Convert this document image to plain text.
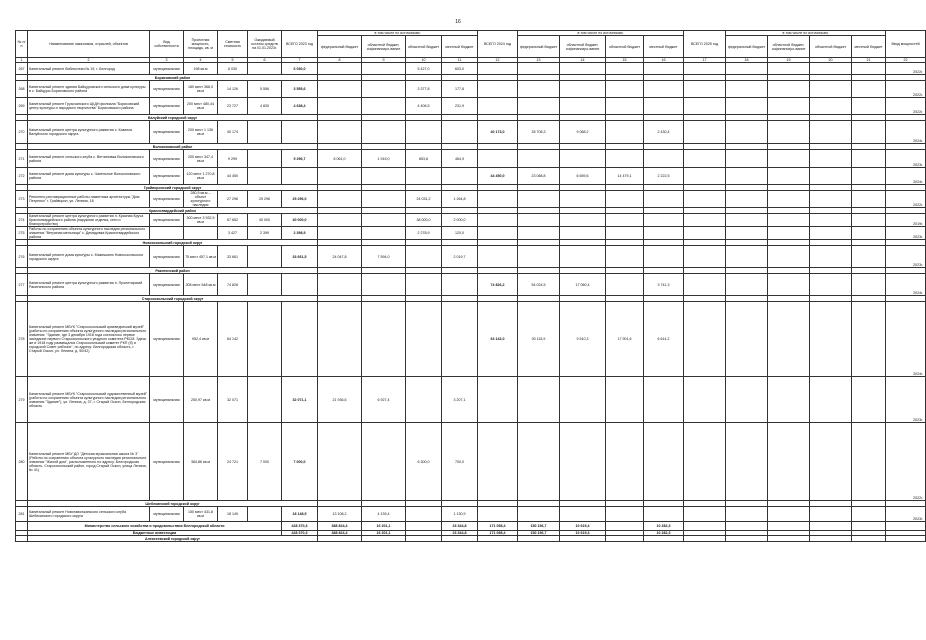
16
№ п/п	Наименование заказчиков, отраслей, объектов	Вид собственности	Проектная мощность, площадь, кв. м	Сметная стоимость	Ожидаемый остаток средств на 01.01.2023г.	ВСЕГО 2023 год	в том числе по источникам:				ВСЕГО 2024 год	в том числе по источникам:				ВСЕГО 2025 год	в том числе по источникам:				Ввод мощностей
							федеральный бюджет	областной бюджет, софинансиро-вание	областной бюджет	местный бюджет		федеральный бюджет	областной бюджет, софинансиро-вание	областной бюджет	местный бюджет		федеральный бюджет	областной бюджет, софинансиро-вание	областной бюджет	местный бюджет	
1	2	3	4	5	6	7	8	9	10	11	12	13	14	15	16	17	18	19	20	21	22
267	Капитальный ремонт библиотеки № 19, г. Белгород	муниципальная	198 кв.м	6 030		6 030,0			5 427,0	603,0											2022г.
	Борисовский район																				
268	Капитальный ремонт здания Байцуровского сельского дома культуры в с. Байцуры Борисовского района	муниципальная	180 мест 366,0 кв.м	14 126	5 556	3 555,6			3 377,8	177,8											2022г.
269	Капитальный ремонт Грузсчанского ЦКДН филиала "Борисовский центр культуры и народного творчества" Борисовского района	муниципальная	200 мест 480,44 кв.м	23 727	4 830	4 638,4			4 406,5	231,9											2022г.
	Валуйский городской округ																				
270	Капитальный ремонт центра культурного развития с. Казинка Валуйского городского округа	муниципальная	200 мест 1 136 кв.м	40 174							40 173,0	28 708,3	9 068,2		2 430,4						2024г.
	Волоконовский район																				
271	Капитальный ремонт сельского клуба с. Ветчиновка Волоконовского района	муниципальная	200 мест 347,4 кв.м	9 299		9 296,7	6 061,0	1 915,0	853,8	464,9											2023г.
272	Капитальный ремонт дома культуры с. Чапельное Волоконовского района	муниципальная	120 мест 1 270,8 кв.м	44 450							44 450,0	23 088,8	6 659,6	14 479,1	2 222,5						2024г.
	Грайворонский городской округ																				
273	Ремонтно-реставрационные работы памятника архитектуры "Дом Петренко" г. Грайворон, ул. Ленина, 18	муниципальная	280,9 кв.м – объект культурного наследия	27 296	25 296	25 296,0			24 031,2	1 264,8											2022г.
	Красногвардейский район																				
274	Капитальный ремонт центра культурного развития п. Красная Круча Красногвардейского района (наружная отделка, сети и благоустройство)	муниципальная	300 мест 3 932,9 кв.м	67 652	40 000	40 000,0			38 000,0	2 000,0											2019г.
275	Работы по сохранению объекта культурного наследия регионального значения "Ветряная мельница" с. Демидовка Красногвардейского района			3 427	2 399	2 398,9			2 278,9	120,0											2023г.
	Новооскольский городской округ																				
276	Капитальный ремонт дома культуры с. Макешкино Новооскольского городского округа	муниципальная	75 мест 457,1 кв.м	33 661		33 661,5	24 047,8	7 594,0		2 019,7											2023г.
	Ракитянский район																				
277	Капитальный ремонт центра культурного развития п. Пролетарский Ракитянского района	муниципальная	208 мест 648 кв.м	74 826							74 826,2	54 024,5	17 060,4		3 741,3						2024г.
	Старооскольский городской округ																				
278	Капитальный ремонт МБУК "Старооскольский краеведческий музей" (работы по сохранению объекта культурного наследия регионального значения: "Здание, где 3 декабря 1918 года состоялось первое заседание первого Старооскольского уездного комитета РКСМ. Здесь же в 1918 году размещался Старооскольский комитет РКП (б) и городской Совет рабочих", по адресу: Белгородская область, г. Старый Оскол, ул. Ленина, д. 50/42)	муниципальная	952,4 кв.м	64 142							64 142,0	30 115,9	9 510,3	17 901,6	6 614,2						2024г.
279	Капитальный ремонт МБУК "Старооскольский художественный музей" (работы по сохранению объекта культурного наследия регионального значения "Здание"), ул. Ленина, д. 37, г. Старый Оскол, Белгородская область	муниципальная	250,97 кв.м	32 071		32 071,1	21 936,6	6 927,4		3 207,1											2023г.
280	Капитальный ремонт МБУ ДО "Детская музыкальная школа № 3" (Работы по сохранению объекта культурного наследия регионального значения "Жилой дом", расположенного по адресу: Белгородская область, Старооскольский район, город Старый Оскол, улица Ленина, № 41)	муниципальная	384,86 кв.м	24 721	7 000	7 000,0			6 300,0	700,0											2022г.
	Шебекинский городской округ																				
281	Капитальный ремонт Новотаволжанского сельского клуба Шебекинского городского округа	муниципальная	150 мест 431,8 кв.м	18 149		18 148,5	13 108,2	4 139,4		1 130,9											2023г.
	Министерство сельского хозяйства и продовольствия Белгородской области					428 370,3	388 824,4	16 201,1		23 344,8	171 058,4	150 156,7	10 619,4		10 282,3						
	Бюджетные инвестиции					428 370,3	388 824,4	16 201,1		23 344,8	171 058,4	150 156,7	10 619,4		10 282,3						
	Алексеевский городской округ																				
